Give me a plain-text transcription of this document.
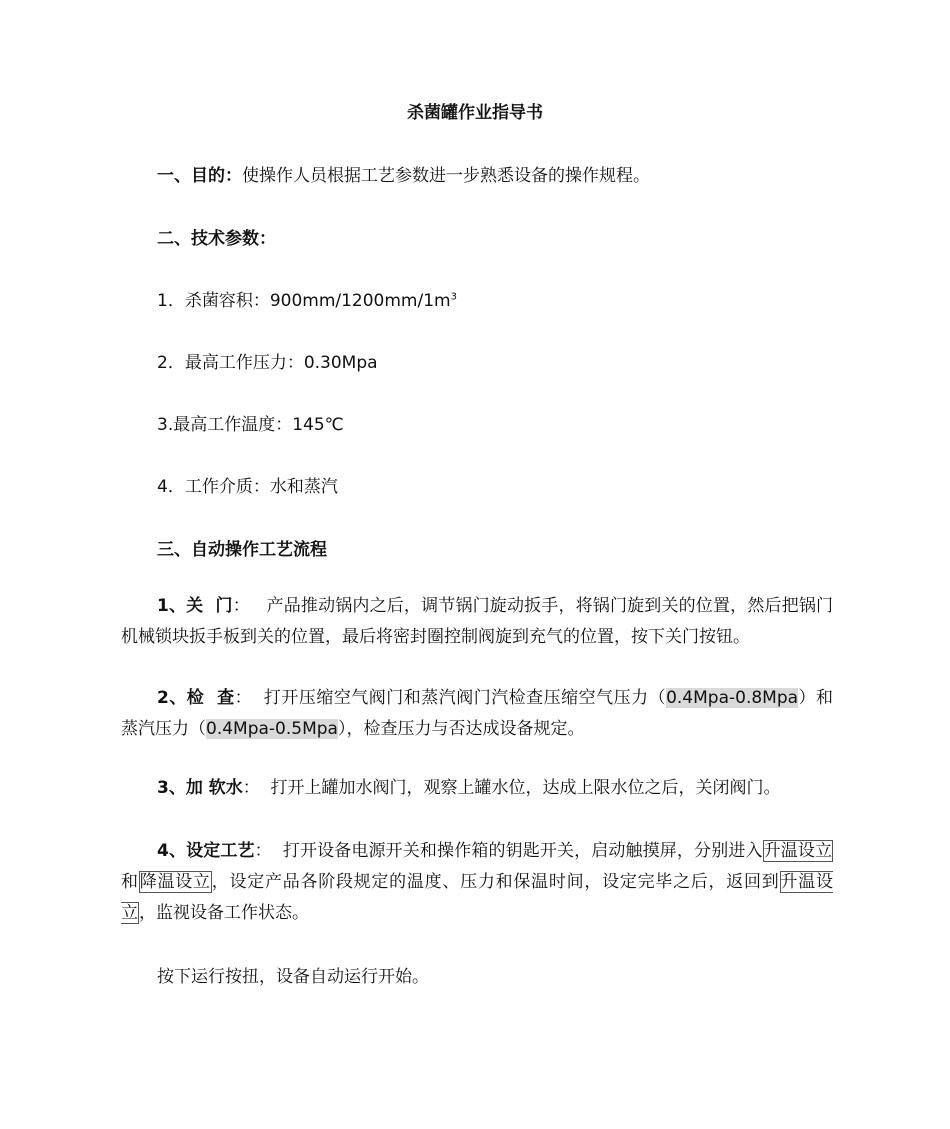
杀菌罐作业指导书
一、目的：使操作人员根据工艺参数进一步熟悉设备的操作规程。
二、技术参数：
1．杀菌容积：$900mm/1200mm/1m^3$
2．最高工作压力：0.30Mpa
3.最高工作温度：145℃
4．工作介质：水和蒸汽
三、自动操作工艺流程
1、关  门：   产品推动锅内之后，调节锅门旋动扳手，将锅门旋到关的位置，然后把锅门机械锁块扳手板到关的位置，最后将密封圈控制阀旋到充气的位置，按下关门按钮。
2、检  查：  打开压缩空气阀门和蒸汽阀门汽检查压缩空气压力（0.4Mpa-0.8Mpa）和蒸汽压力（0.4Mpa-0.5Mpa），检查压力与否达成设备规定。
3、加 软水：  打开上罐加水阀门，观察上罐水位，达成上限水位之后，关闭阀门。
4、设定工艺：  打开设备电源开关和操作箱的钥匙开关，启动触摸屏，分别进入升温设立和降温设立，设定产品各阶段规定的温度、压力和保温时间，设定完毕之后，返回到升温设立，监视设备工作状态。
按下运行按扭，设备自动运行开始。
